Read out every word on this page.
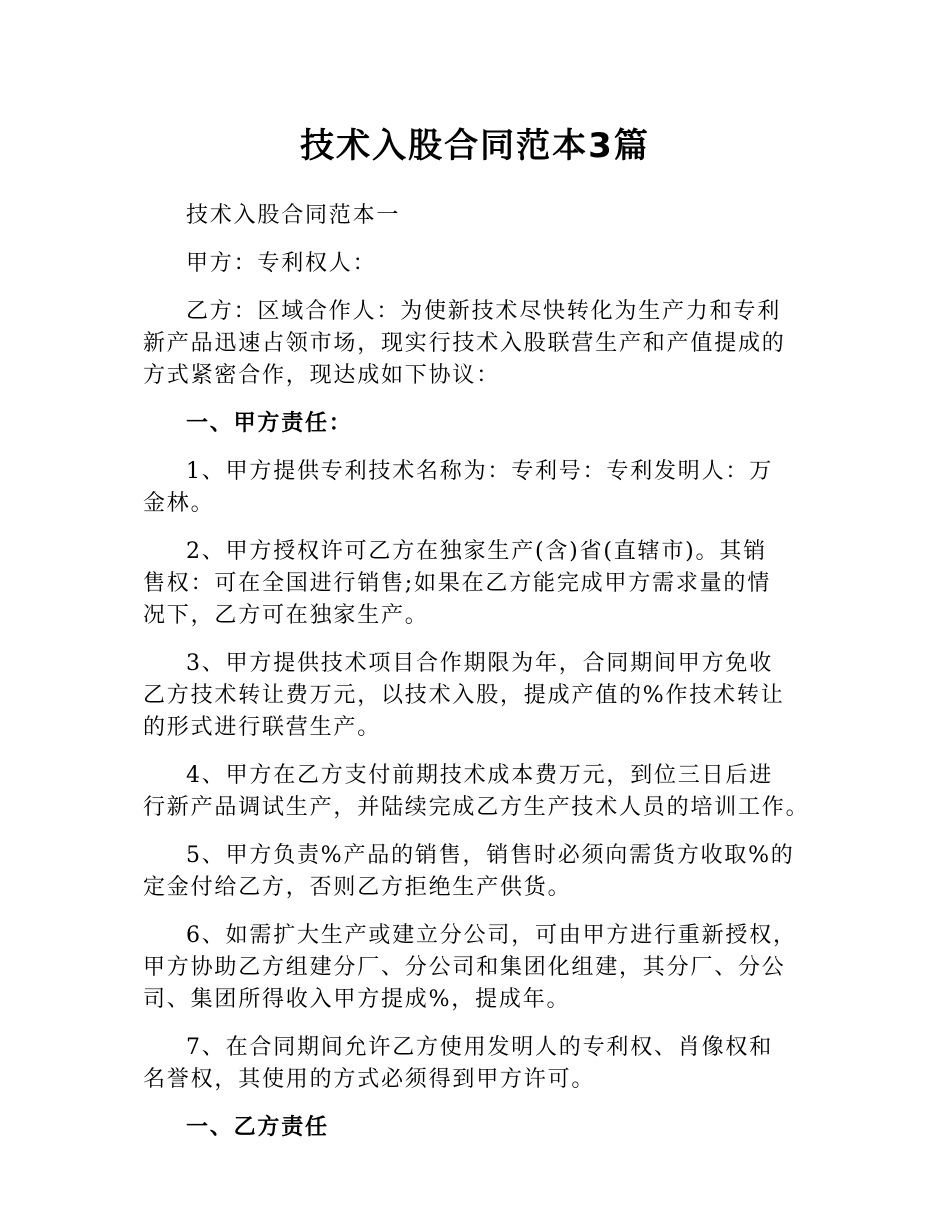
技术入股合同范本3篇
技术入股合同范本一
甲方：专利权人：
乙方：区域合作人：为使新技术尽快转化为生产力和专利
新产品迅速占领市场，现实行技术入股联营生产和产值提成的
方式紧密合作，现达成如下协议：
一、甲方责任：
1、甲方提供专利技术名称为：专利号：专利发明人：万
金林。
2、甲方授权许可乙方在独家生产(含)省(直辖市)。其销
售权：可在全国进行销售;如果在乙方能完成甲方需求量的情
况下，乙方可在独家生产。
3、甲方提供技术项目合作期限为年，合同期间甲方免收
乙方技术转让费万元，以技术入股，提成产值的%作技术转让
的形式进行联营生产。
4、甲方在乙方支付前期技术成本费万元，到位三日后进
行新产品调试生产，并陆续完成乙方生产技术人员的培训工作。
5、甲方负责%产品的销售，销售时必须向需货方收取%的
定金付给乙方，否则乙方拒绝生产供货。
6、如需扩大生产或建立分公司，可由甲方进行重新授权，
甲方协助乙方组建分厂、分公司和集团化组建，其分厂、分公
司、集团所得收入甲方提成%，提成年。
7、在合同期间允许乙方使用发明人的专利权、肖像权和
名誉权，其使用的方式必须得到甲方许可。
一、乙方责任
